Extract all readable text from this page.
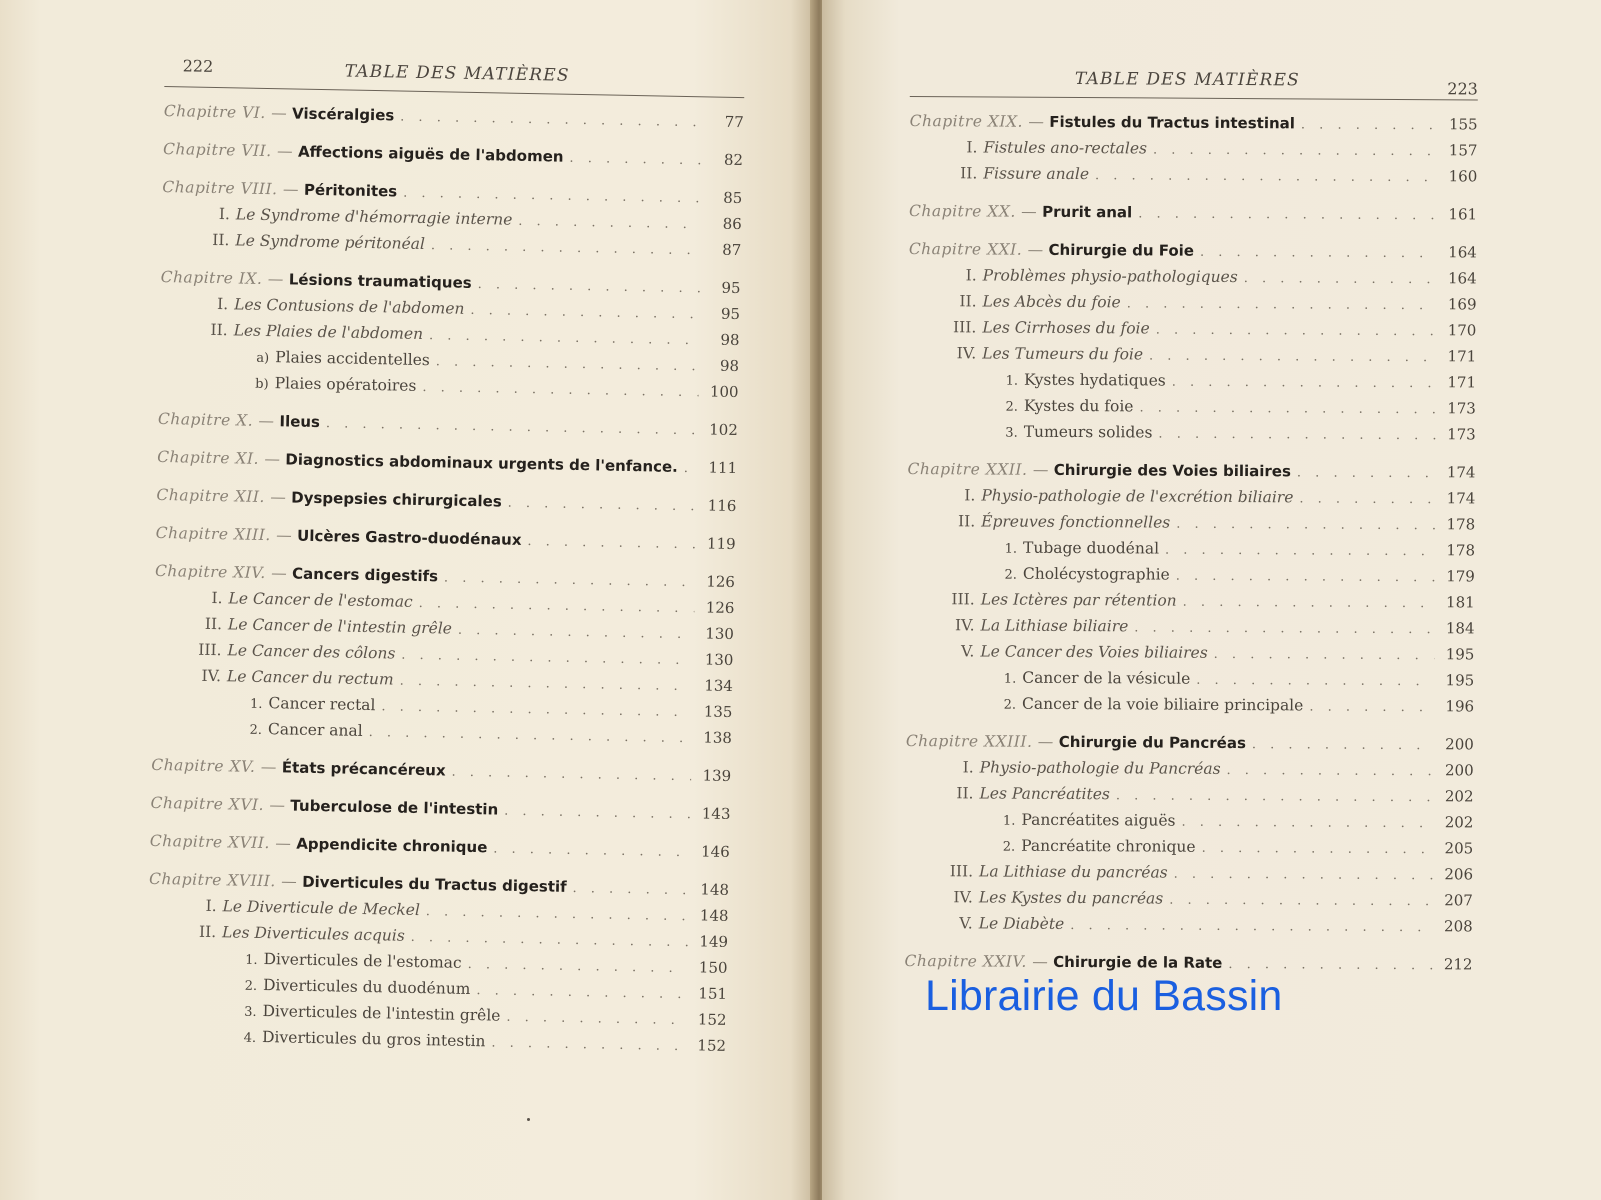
222	TABLE DES MATIÈRES
Chapitre VI. — Viscéralgies . . .	77
Chapitre VII. — Affections aiguës de l'abdomen . . .	82
Chapitre VIII. — Péritonites . . .	85
I. Le Syndrome d'hémorragie interne . . .	86
II. Le Syndrome péritonéal . . .	87
Chapitre IX. — Lésions traumatiques . . .	95
I. Les Contusions de l'abdomen . . .	95
II. Les Plaies de l'abdomen . . .	98
a) Plaies accidentelles . . .	98
b) Plaies opératoires . . .	100
Chapitre X. — Ileus . . .	102
Chapitre XI. — Diagnostics abdominaux urgents de l'enfance. . . .	111
Chapitre XII. — Dyspepsies chirurgicales . . .	116
Chapitre XIII. — Ulcères Gastro-duodénaux . . .	119
Chapitre XIV. — Cancers digestifs . . .	126
I. Le Cancer de l'estomac . . .	126
II. Le Cancer de l'intestin grêle . . .	130
III. Le Cancer des côlons . . .	130
IV. Le Cancer du rectum . . .	134
1. Cancer rectal . . .	135
2. Cancer anal . . .	138
Chapitre XV. — États précancéreux . . .	139
Chapitre XVI. — Tuberculose de l'intestin . . .	143
Chapitre XVII. — Appendicite chronique . . .	146
Chapitre XVIII. — Diverticules du Tractus digestif . . .	148
I. Le Diverticule de Meckel . . .	148
II. Les Diverticules acquis . . .	149
1. Diverticules de l'estomac . . .	150
2. Diverticules du duodénum . . .	151
3. Diverticules de l'intestin grêle . . .	152
4. Diverticules du gros intestin . . .	152
TABLE DES MATIÈRES	223
Chapitre XIX. — Fistules du Tractus intestinal . . .	155
I. Fistules ano-rectales . . .	157
II. Fissure anale . . .	160
Chapitre XX. — Prurit anal . . .	161
Chapitre XXI. — Chirurgie du Foie . . .	164
I. Problèmes physio-pathologiques . . .	164
II. Les Abcès du foie . . .	169
III. Les Cirrhoses du foie . . .	170
IV. Les Tumeurs du foie . . .	171
1. Kystes hydatiques . . .	171
2. Kystes du foie . . .	173
3. Tumeurs solides . . .	173
Chapitre XXII. — Chirurgie des Voies biliaires . . .	174
I. Physio-pathologie de l'excrétion biliaire . . .	174
II. Épreuves fonctionnelles . . .	178
1. Tubage duodénal . . .	178
2. Cholécystographie . . .	179
III. Les Ictères par rétention . . .	181
IV. La Lithiase biliaire . . .	184
V. Le Cancer des Voies biliaires . . .	195
1. Cancer de la vésicule . . .	195
2. Cancer de la voie biliaire principale . . .	196
Chapitre XXIII. — Chirurgie du Pancréas . . .	200
I. Physio-pathologie du Pancréas . . .	200
II. Les Pancréatites . . .	202
1. Pancréatites aiguës . . .	202
2. Pancréatite chronique . . .	205
III. La Lithiase du pancréas . . .	206
IV. Les Kystes du pancréas . . .	207
V. Le Diabète . . .	208
Chapitre XXIV. — Chirurgie de la Rate . . .	212
Librairie du Bassin
